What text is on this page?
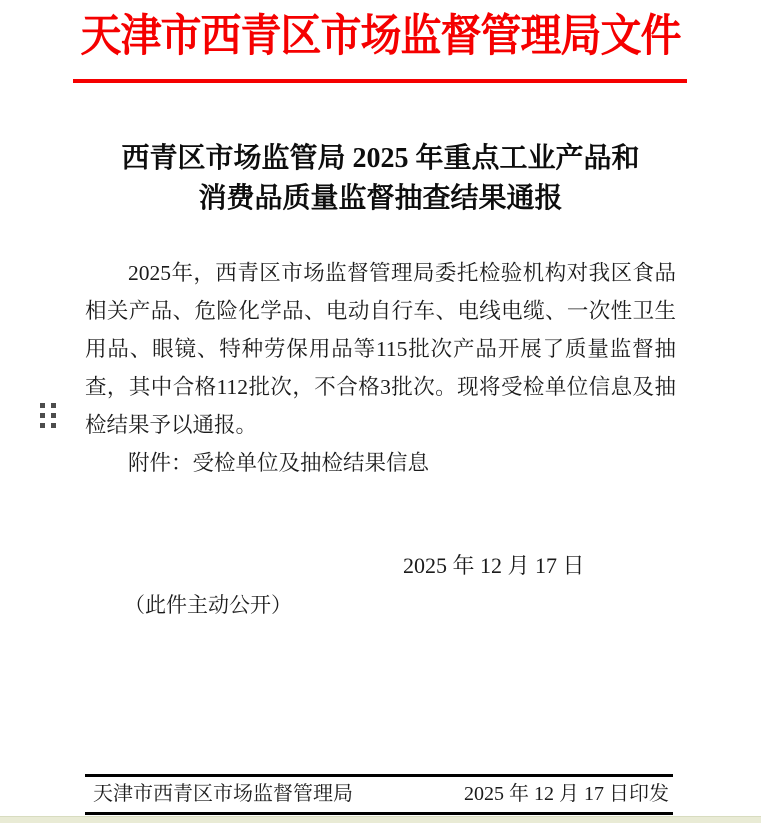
天津市西青区市场监督管理局文件
西青区市场监管局 2025 年重点工业产品和
消费品质量监督抽查结果通报

2025年，西青区市场监督管理局委托检验机构对我区食品相关产品、危险化学品、电动自行车、电线电缆、一次性卫生用品、眼镜、特种劳保用品等115批次产品开展了质量监督抽查，其中合格112批次，不合格3批次。现将受检单位信息及抽检结果予以通报。

附件：受检单位及抽检结果信息

2025 年 12 月 17 日
（此件主动公开）
天津市西青区市场监督管理局	2025 年 12 月 17 日印发
